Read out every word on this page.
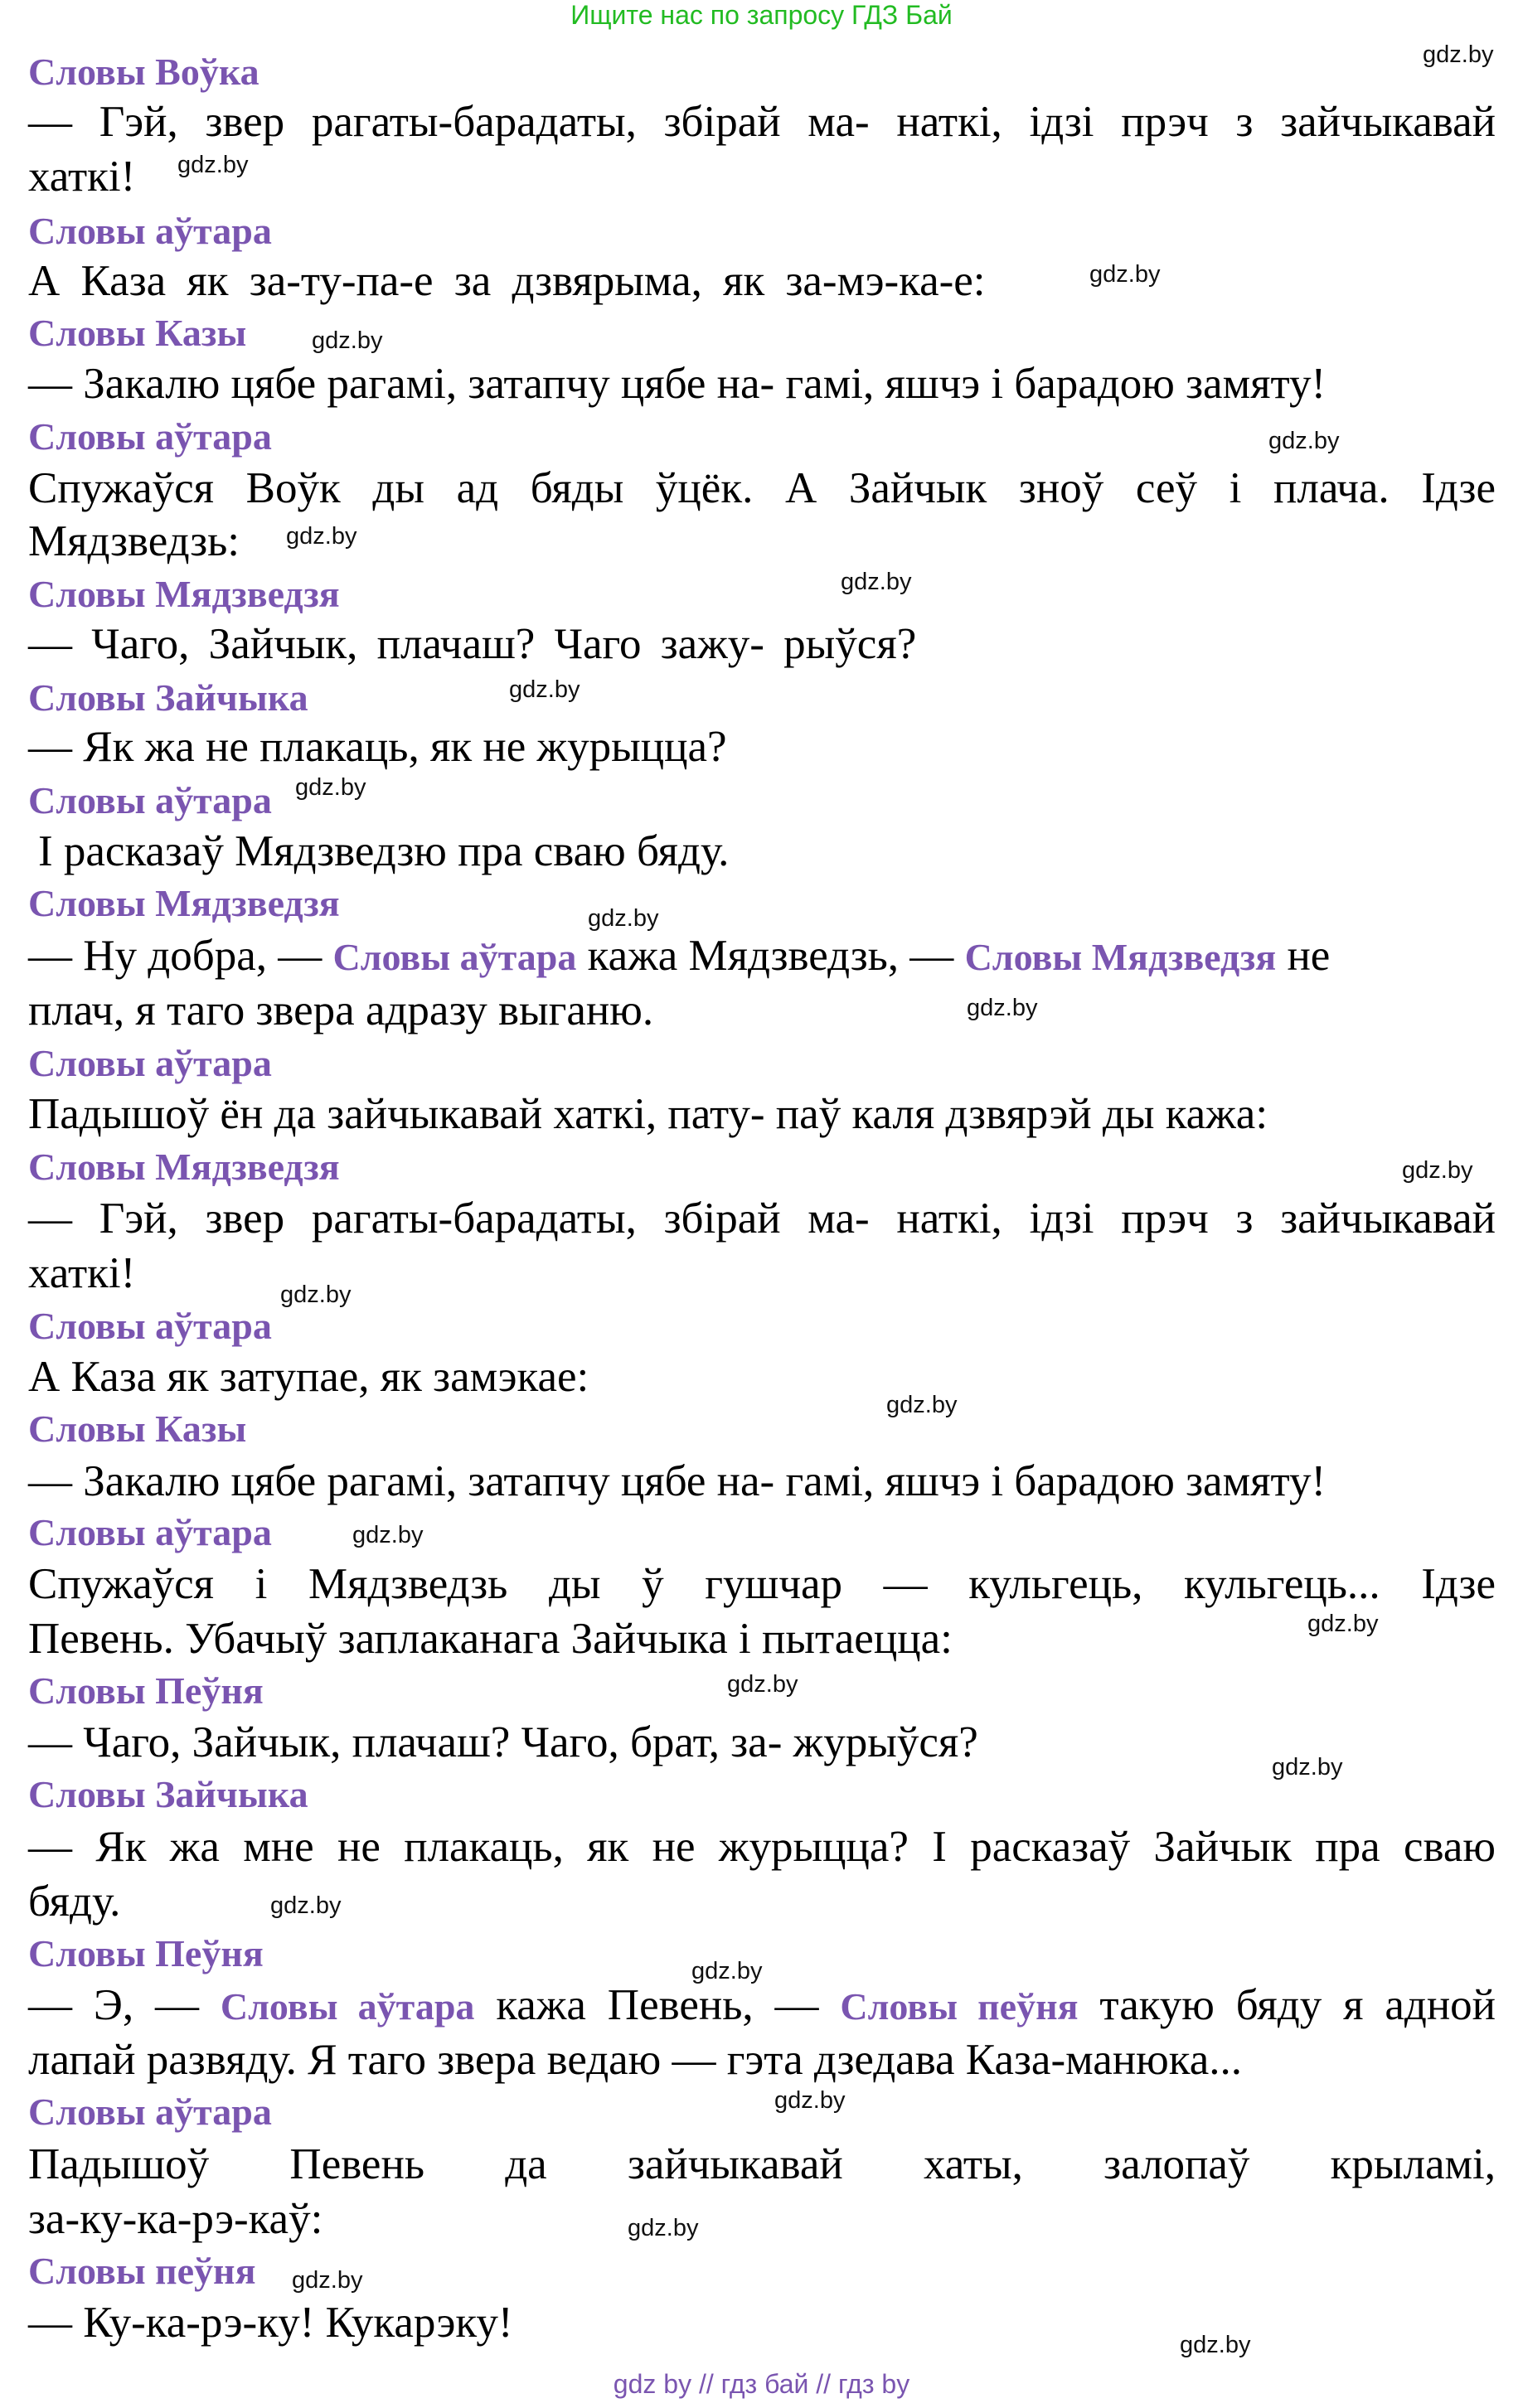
Ищите нас по запросу ГДЗ Бай
Словы Воўка
— Гэй, звер рагаты-барадаты, збірай ма- наткі, ідзі прэч з зайчыкавай
хаткі!
Словы аўтара
А Каза як за-ту-па-е за дзвярыма, як за-мэ-ка-е:
Словы Казы
— Закалю цябе рагамі, затапчу цябе на- гамі, яшчэ і барадою замяту!
Словы аўтара
Спужаўся Воўк ды ад бяды ўцёк. А Зайчык зноў сеў і плача. Ідзе
Мядзведзь:
Словы Мядзведзя
— Чаго, Зайчык, плачаш? Чаго зажу- рыўся?
Словы Зайчыка
— Як жа не плакаць, як не журыцца?
Словы аўтара
І расказаў Мядзведзю пра сваю бяду.
Словы Мядзведзя
— Ну добра, — Словы аўтара кажа Мядзведзь, — Словы Мядзведзя не
плач, я таго звера адразу выганю.
Словы аўтара
Падышоў ён да зайчыкавай хаткі, пату- паў каля дзвярэй ды кажа:
Словы Мядзведзя
— Гэй, звер рагаты-барадаты, збірай ма- наткі, ідзі прэч з зайчыкавай
хаткі!
Словы аўтара
А Каза як затупае, як замэкае:
Словы Казы
— Закалю цябе рагамі, затапчу цябе на- гамі, яшчэ і барадою замяту!
Словы аўтара
Спужаўся і Мядзведзь ды ў гушчар — кульгець, кульгець... Ідзе
Певень. Убачыў заплаканага Зайчыка і пытаецца:
Словы Пеўня
— Чаго, Зайчык, плачаш? Чаго, брат, за- журыўся?
Словы Зайчыка
— Як жа мне не плакаць, як не журыцца? І расказаў Зайчык пра сваю
бяду.
Словы Пеўня
— Э, — Словы аўтара кажа Певень, — Словы пеўня такую бяду я адной
лапай развяду. Я таго звера ведаю — гэта дзедава Каза-манюка...
Словы аўтара
Падышоў Певень да зайчыкавай хаты, залопаў крыламі,
за-ку-ка-рэ-каў:
Словы пеўня
— Ку-ка-рэ-ку! Кукарэку!
gdz.by
gdz.by
gdz.by
gdz.by
gdz.by
gdz.by
gdz.by
gdz.by
gdz.by
gdz.by
gdz.by
gdz.by
gdz.by
gdz.by
gdz.by
gdz.by
gdz.by
gdz.by
gdz.by
gdz.by
gdz.by
gdz.by
gdz.by
gdz.by
gdz by // гдз бай // гдз by
